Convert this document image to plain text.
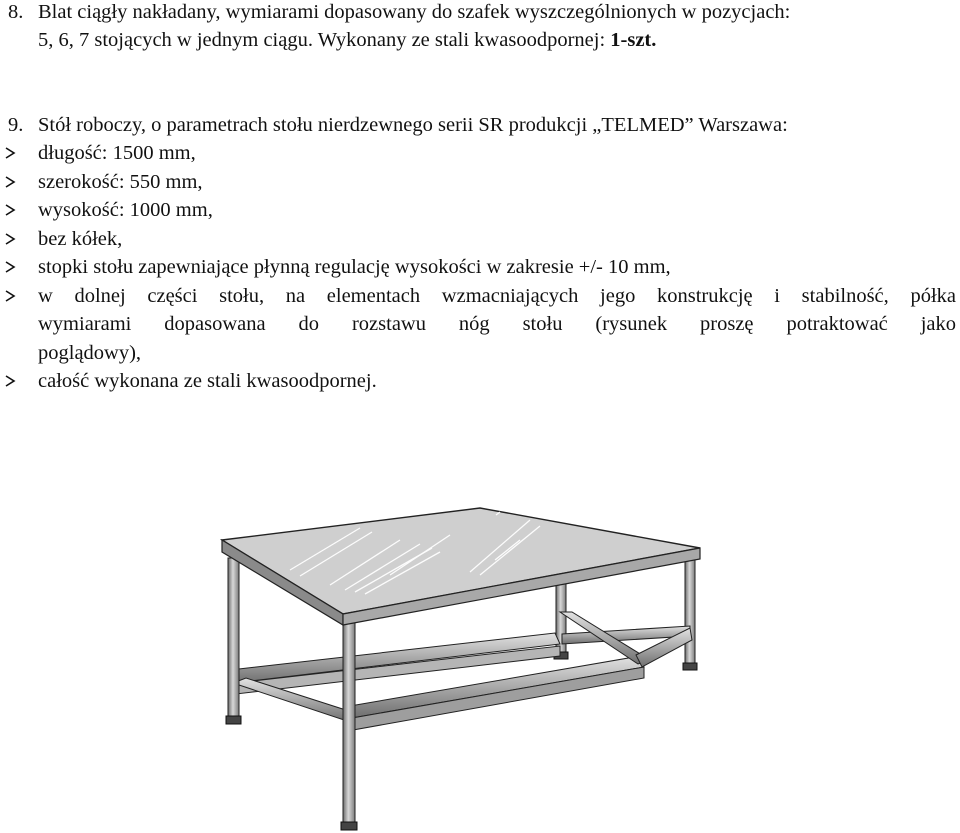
8. Blat ciągły nakładany, wymiarami dopasowany do szafek wyszczególnionych w pozycjach:
5, 6, 7 stojących w jednym ciągu. Wykonany ze stali kwasoodpornej: 1-szt.
9. Stół roboczy, o parametrach stołu nierdzewnego serii SR produkcji „TELMED” Warszawa:
długość: 1500 mm,
szerokość: 550 mm,
wysokość: 1000 mm,
bez kółek,
stopki stołu zapewniające płynną regulację wysokości w zakresie +/- 10 mm,
w dolnej części stołu, na elementach wzmacniających jego konstrukcję i stabilność, półka
wymiarami dopasowana do rozstawu nóg stołu (rysunek proszę potraktować jako
poglądowy),
całość wykonana ze stali kwasoodpornej.
